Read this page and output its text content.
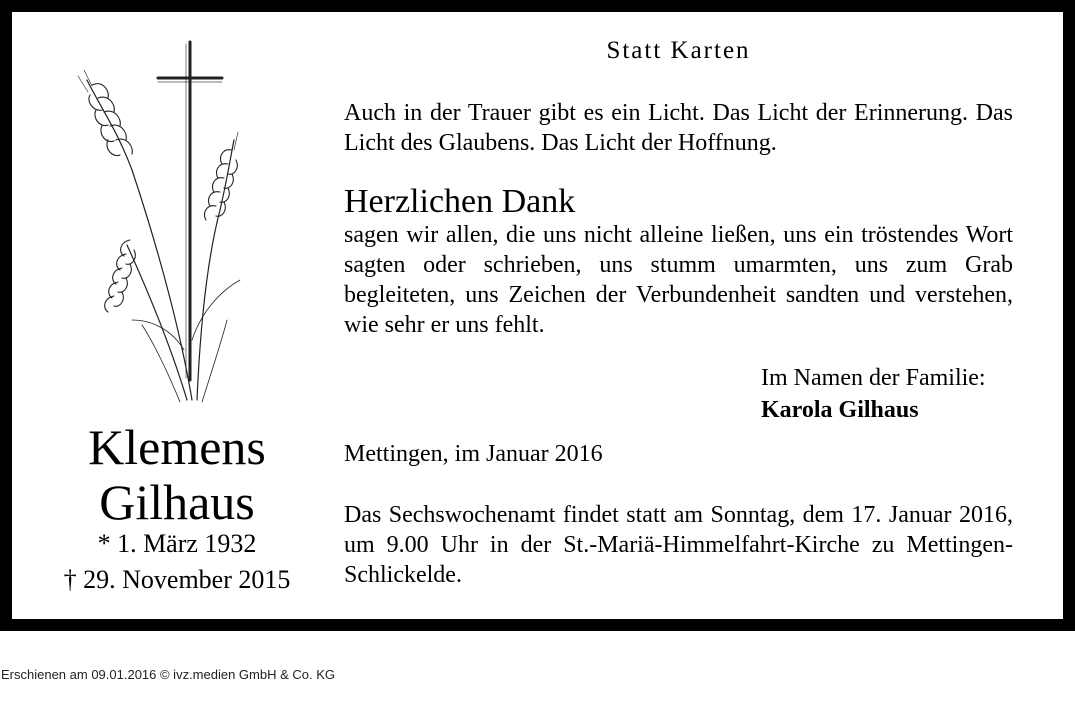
Klemens
Gilhaus
* 1. März 1932
† 29. November 2015
Statt Karten
Auch in der Trauer gibt es ein Licht. Das Licht der Erinnerung. Das Licht des Glaubens. Das Licht der Hoffnung.
Herzlichen Dank
sagen wir allen, die uns nicht alleine ließen, uns ein tröstendes Wort sagten oder schrieben, uns stumm umarmten, uns zum Grab begleiteten, uns Zeichen der Verbundenheit sandten und verstehen, wie sehr er uns fehlt.
Im Namen der Familie:
Karola Gilhaus
Mettingen, im Januar 2016
Das Sechswochenamt findet statt am Sonntag, dem 17. Januar 2016, um 9.00 Uhr in der St.-Mariä-Himmelfahrt-Kirche zu Mettingen-Schlickelde.
Erschienen am 09.01.2016 © ivz.medien GmbH & Co. KG
